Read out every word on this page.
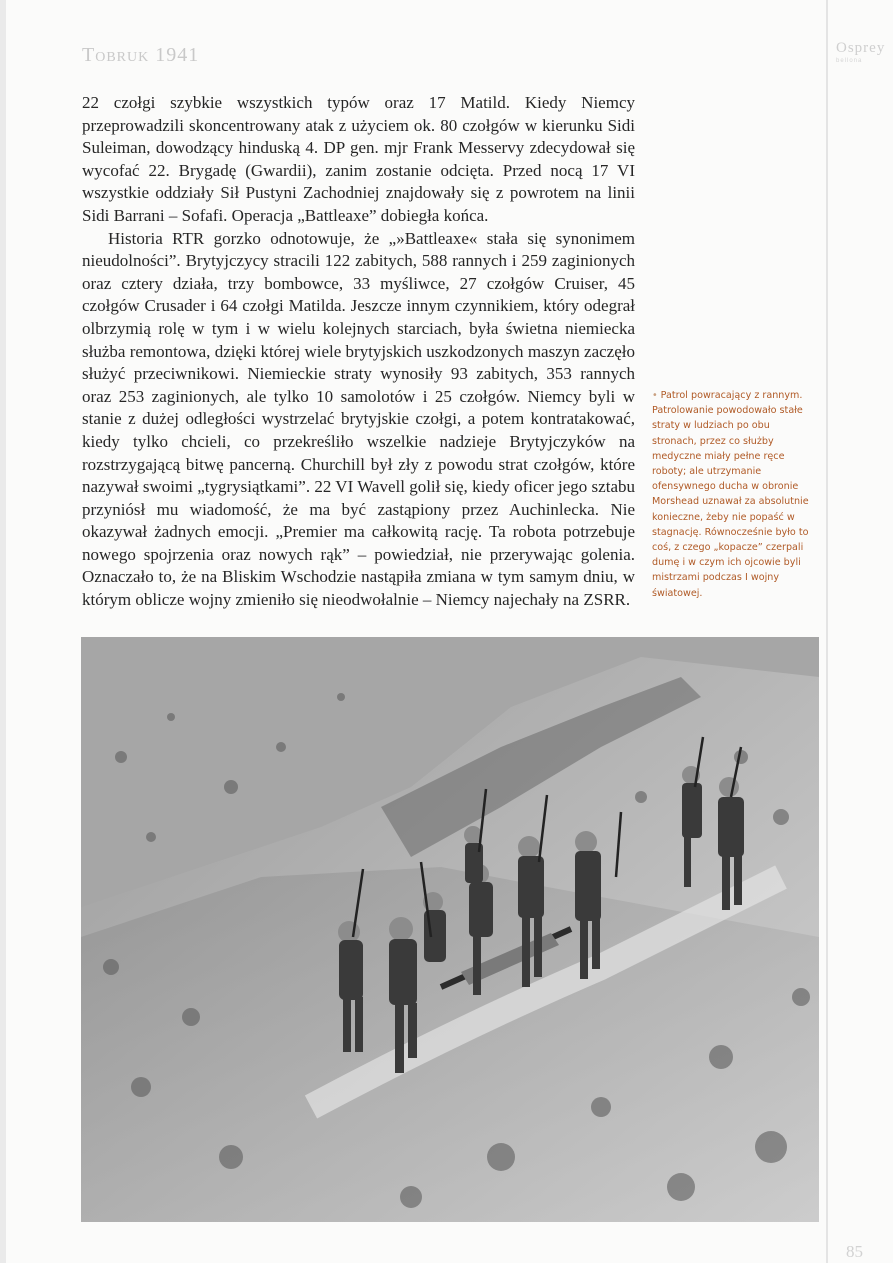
Tobruk 1941	Osprey
bellona

22 czołgi szybkie wszystkich typów oraz 17 Matild. Kiedy Niemcy przeprowadzili skoncentrowany atak z użyciem ok. 80 czołgów w kierunku Sidi Suleiman, dowodzący hinduską 4. DP gen. mjr Frank Messervy zdecydował się wycofać 22. Brygadę (Gwardii), zanim zostanie odcięta. Przed nocą 17 VI wszystkie oddziały Sił Pustyni Zachodniej znajdowały się z powrotem na linii Sidi Barrani – Sofafi. Operacja „Battleaxe” dobiegła końca.

Historia RTR gorzko odnotowuje, że „»Battleaxe« stała się synonimem nieudolności”. Brytyjczycy stracili 122 zabitych, 588 rannych i 259 zaginionych oraz cztery działa, trzy bombowce, 33 myśliwce, 27 czołgów Cruiser, 45 czołgów Crusader i 64 czołgi Matilda. Jeszcze innym czynnikiem, który odegrał olbrzymią rolę w tym i w wielu kolejnych starciach, była świetna niemiecka służba remontowa, dzięki której wiele brytyjskich uszkodzonych maszyn zaczęło służyć przeciwnikowi. Niemieckie straty wynosiły 93 zabitych, 353 rannych oraz 253 zaginionych, ale tylko 10 samolotów i 25 czołgów. Niemcy byli w stanie z dużej odległości wystrzelać brytyjskie czołgi, a potem kontratakować, kiedy tylko chcieli, co przekreśliło wszelkie nadzieje Brytyjczyków na rozstrzygającą bitwę pancerną. Churchill był zły z powodu strat czołgów, które nazywał swoimi „tygrysiątkami”. 22 VI Wavell golił się, kiedy oficer jego sztabu przyniósł mu wiadomość, że ma być zastąpiony przez Auchinlecka. Nie okazywał żadnych emocji. „Premier ma całkowitą rację. Ta robota potrzebuje nowego spojrzenia oraz nowych rąk” – powiedział, nie przerywając golenia. Oznaczało to, że na Bliskim Wschodzie nastąpiła zmiana w tym samym dniu, w którym oblicze wojny zmieniło się nieodwołalnie – Niemcy najechały na ZSRR.

• Patrol powracający z rannym. Patrolowanie powodowało stałe straty w ludziach po obu stronach, przez co służby medyczne miały pełne ręce roboty; ale utrzymanie ofensywnego ducha w obronie Morshead uznawał za absolutnie konieczne, żeby nie popaść w stagnację. Równocześnie było to coś, z czego „kopacze” czerpali dumę i w czym ich ojcowie byli mistrzami podczas I wojny światowej.
85
